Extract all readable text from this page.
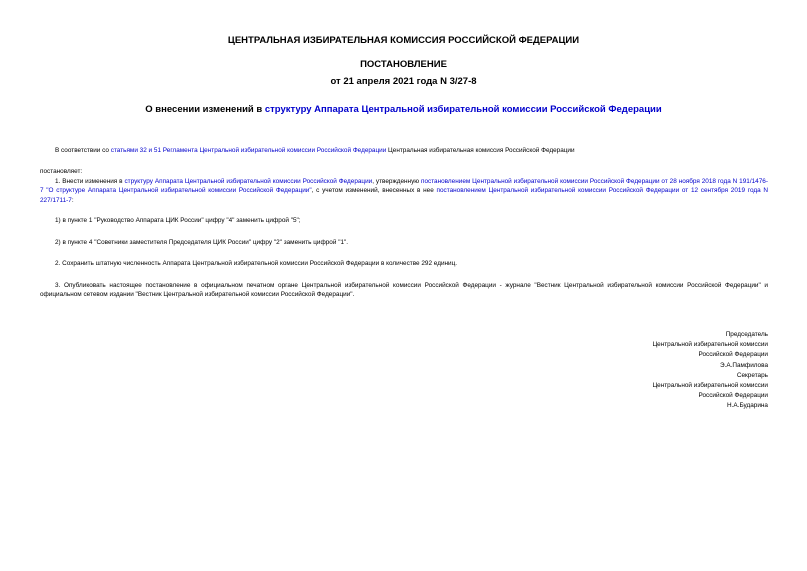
ЦЕНТРАЛЬНАЯ ИЗБИРАТЕЛЬНАЯ КОМИССИЯ РОССИЙСКОЙ ФЕДЕРАЦИИ
ПОСТАНОВЛЕНИЕ
от 21 апреля 2021 года N 3/27-8
О внесении изменений в структуру Аппарата Центральной избирательной комиссии Российской Федерации
В соответствии со статьями 32 и 51 Регламента Центральной избирательной комиссии Российской Федерации Центральная избирательная комиссия Российской Федерации
постановляет:
1. Внести изменения в структуру Аппарата Центральной избирательной комиссии Российской Федерации, утвержденную постановлением Центральной избирательной комиссии Российской Федерации от 28 ноября 2018 года N 191/1476-7 "О структуре Аппарата Центральной избирательной комиссии Российской Федерации", с учетом изменений, внесенных в нее постановлением Центральной избирательной комиссии Российской Федерации от 12 сентября 2019 года N 227/1711-7:
1) в пункте 1 "Руководство Аппарата ЦИК России" цифру "4" заменить цифрой "5";
2) в пункте 4 "Советники заместителя Председателя ЦИК России" цифру "2" заменить цифрой "1".
2. Сохранить штатную численность Аппарата Центральной избирательной комиссии Российской Федерации в количестве 292 единиц.
3. Опубликовать настоящее постановление в официальном печатном органе Центральной избирательной комиссии Российской Федерации - журнале "Вестник Центральной избирательной комиссии Российской Федерации" и официальном сетевом издании "Вестник Центральной избирательной комиссии Российской Федерации".
Председатель
Центральной избирательной комиссии
Российской Федерации
Э.А.Памфилова
Секретарь
Центральной избирательной комиссии
Российской Федерации
Н.А.Бударина
